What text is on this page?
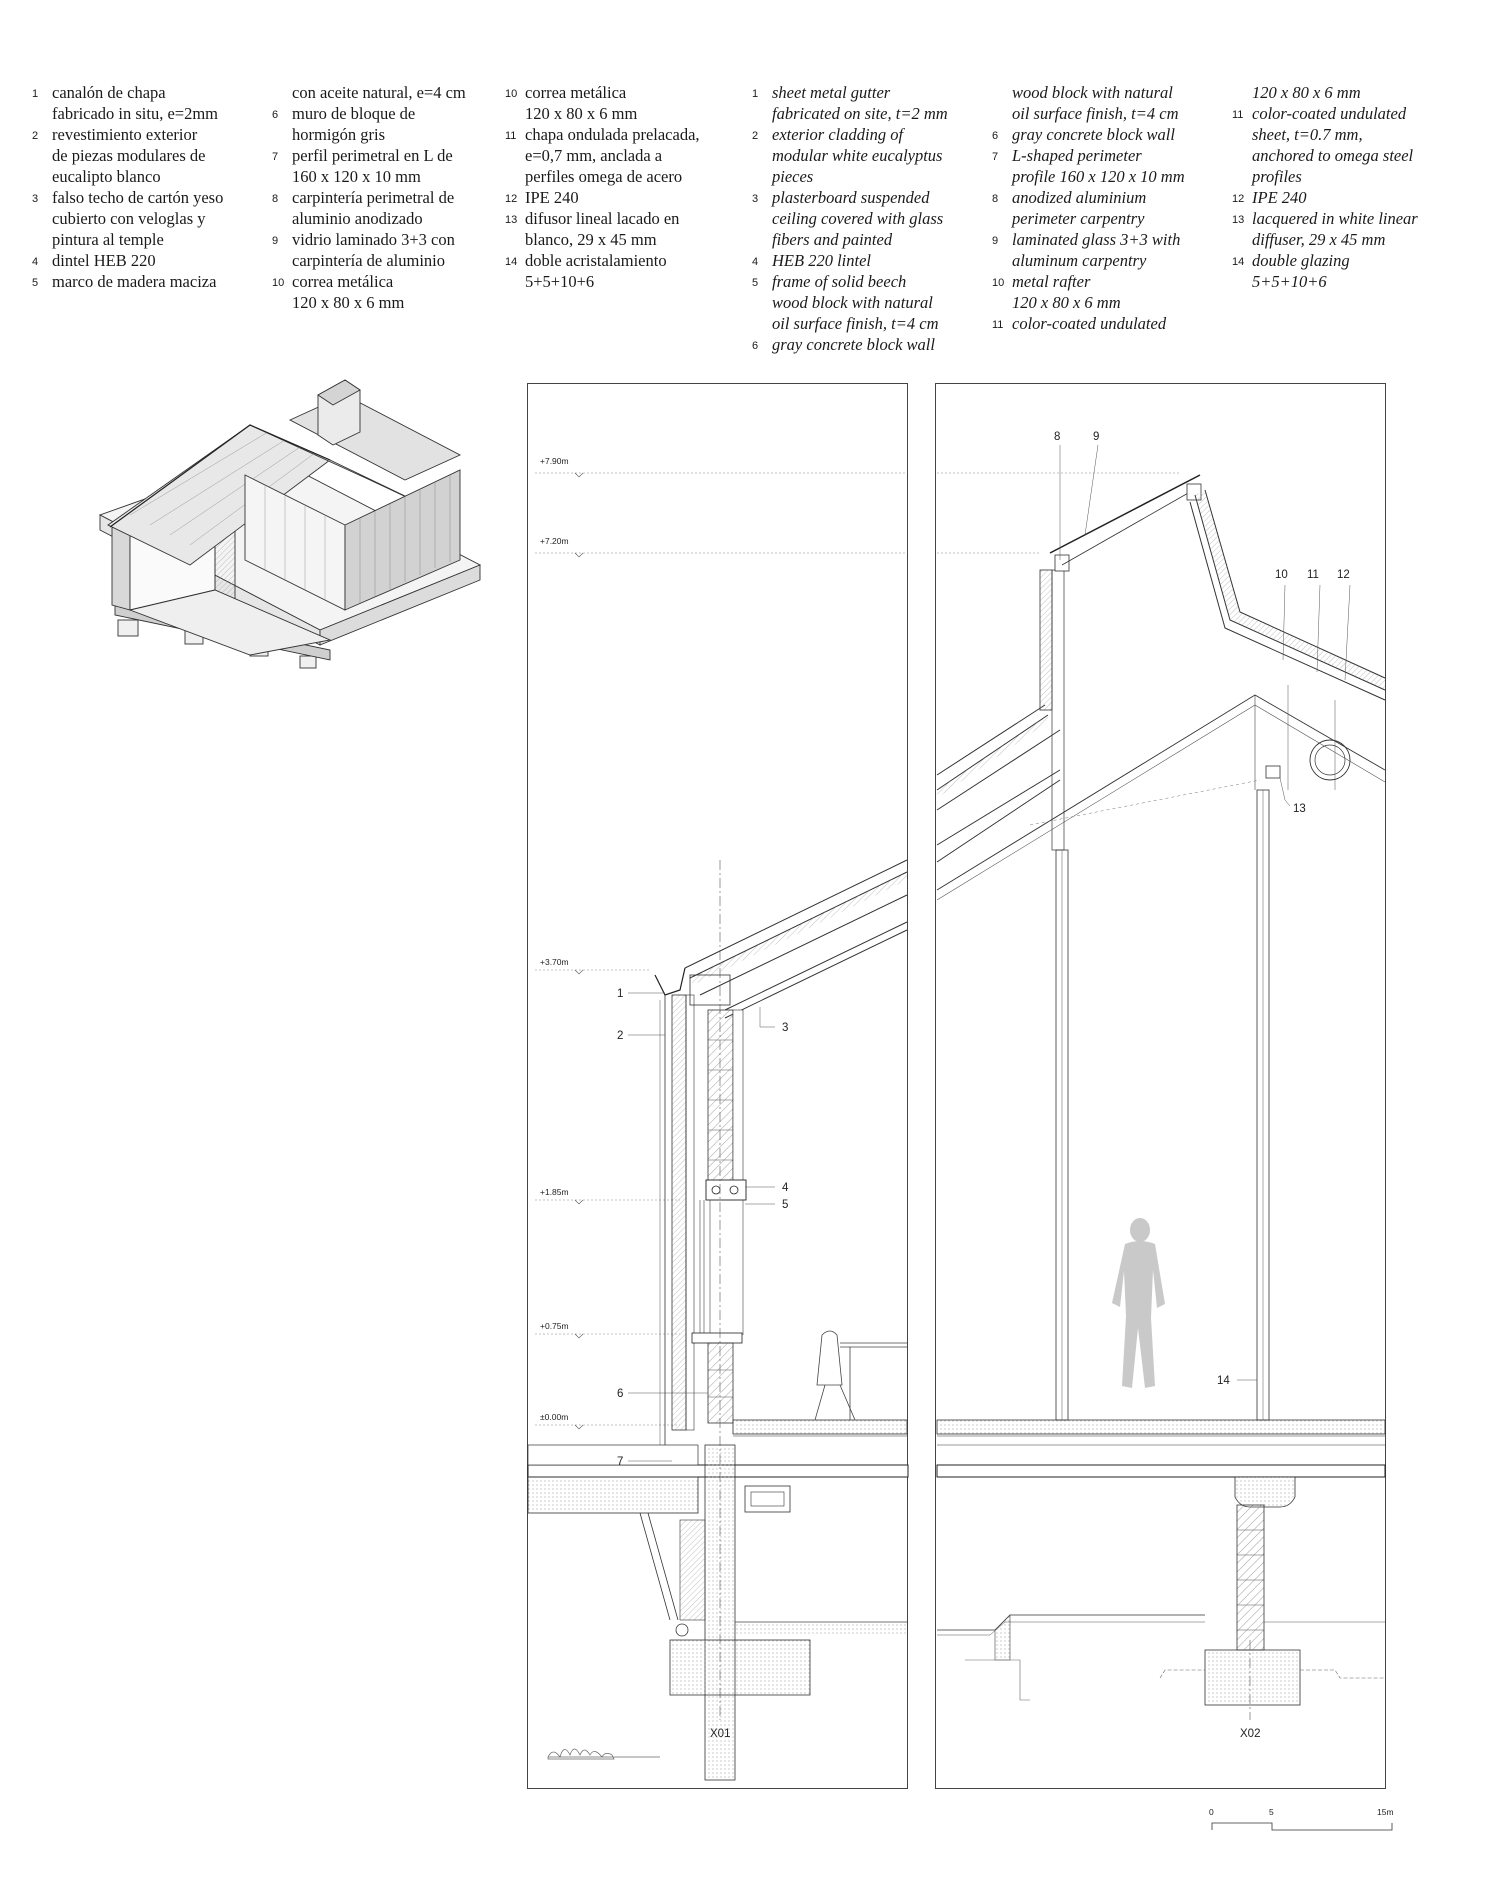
1 canalón de chapa
fabricado in situ, e=2mm
2 revestimiento exterior
de piezas modulares de
eucalipto blanco
3 falso techo de cartón yeso
cubierto con veloglas y
pintura al temple
4 dintel HEB 220
5 marco de madera maciza
con aceite natural, e=4 cm
6 muro de bloque de
hormigón gris
7 perfil perimetral en L de
160 x 120 x 10 mm
8 carpintería perimetral de
aluminio anodizado
9 vidrio laminado 3+3 con
carpintería de aluminio
10 correa metálica
120 x 80 x 6 mm
10 correa metálica
120 x 80 x 6 mm
11 chapa ondulada prelacada,
e=0,7 mm, anclada a
perfiles omega de acero
12 IPE 240
13 difusor lineal lacado en
blanco, 29 x 45 mm
14 doble acristalamiento
5+5+10+6
1 sheet metal gutter
fabricated on site, t=2 mm
2 exterior cladding of
modular white eucalyptus
pieces
3 plasterboard suspended
ceiling covered with glass
fibers and painted
4 HEB 220 lintel
5 frame of solid beech
wood block with natural
oil surface finish, t=4 cm
6 gray concrete block wall
wood block with natural
oil surface finish, t=4 cm
6 gray concrete block wall
7 L-shaped perimeter
profile 160 x 120 x 10 mm
8 anodized aluminium
perimeter carpentry
9 laminated glass 3+3 with
aluminum carpentry
10 metal rafter
120 x 80 x 6 mm
11 color-coated undulated
120 x 80 x 6 mm
11 color-coated undulated
sheet, t=0.7 mm,
anchored to omega steel
profiles
12 IPE 240
13 lacquered in white linear
diffuser, 29 x 45 mm
14 double glazing
5+5+10+6
+7.90m
+7.20m
+3.70m
+1.85m
+0.75m
±0.00m
X01
1
2
3
4
5
6
7
X02
8	9
10 11 12
13
14
0	5	15m
